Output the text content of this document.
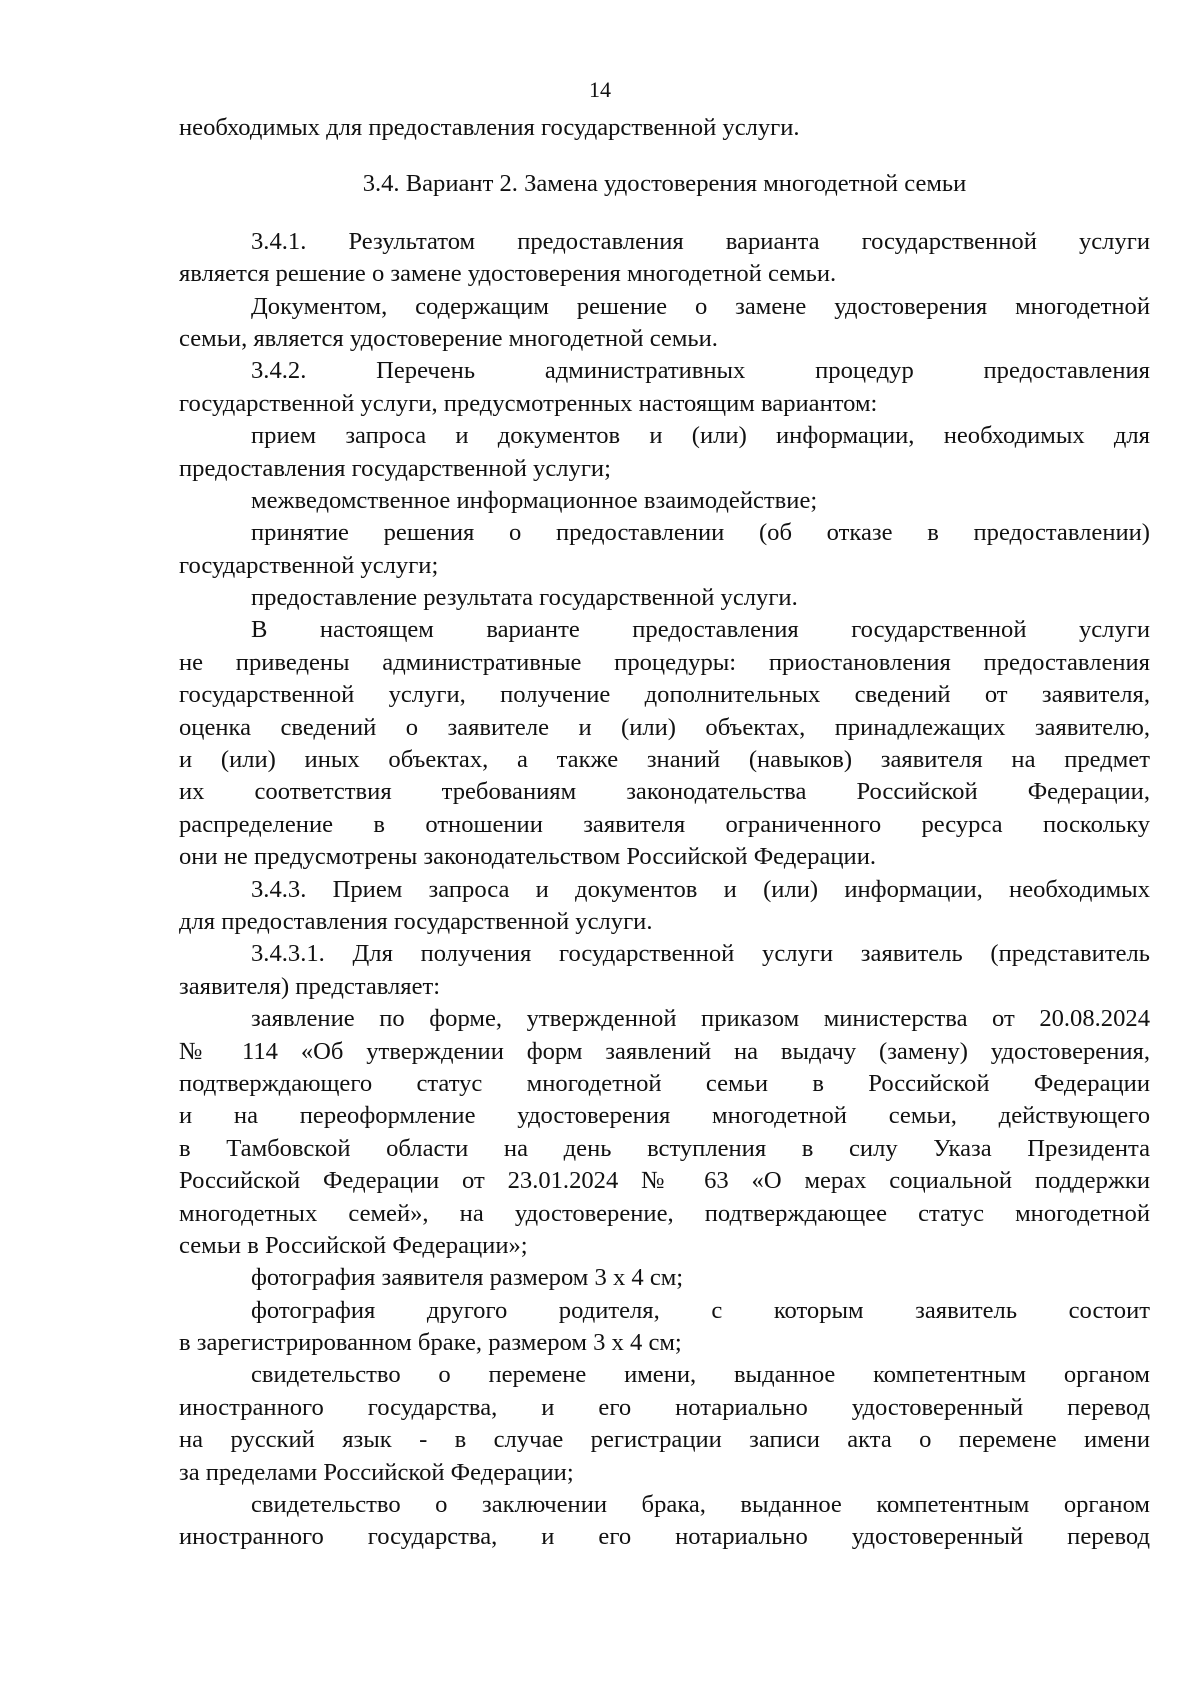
14
необходимых для предоставления государственной услуги.
3.4. Вариант 2. Замена удостоверения многодетной семьи
3.4.1. Результатом предоставления варианта государственной услуги
является решение о замене удостоверения многодетной семьи.
Документом, содержащим решение о замене удостоверения многодетной
семьи, является удостоверение многодетной семьи.
3.4.2. Перечень административных процедур предоставления
государственной услуги, предусмотренных настоящим вариантом:
прием запроса и документов и (или) информации, необходимых для
предоставления государственной услуги;
межведомственное информационное взаимодействие;
принятие решения о предоставлении (об отказе в предоставлении)
государственной услуги;
предоставление результата государственной услуги.
В настоящем варианте предоставления государственной услуги
не приведены административные процедуры: приостановления предоставления
государственной услуги, получение дополнительных сведений от заявителя,
оценка сведений о заявителе и (или) объектах, принадлежащих заявителю,
и (или) иных объектах, а также знаний (навыков) заявителя на предмет
их соответствия требованиям законодательства Российской Федерации,
распределение в отношении заявителя ограниченного ресурса поскольку
они не предусмотрены законодательством Российской Федерации.
3.4.3. Прием запроса и документов и (или) информации, необходимых
для предоставления государственной услуги.
3.4.3.1. Для получения государственной услуги заявитель (представитель
заявителя) представляет:
заявление по форме, утвержденной приказом министерства от 20.08.2024
№ 114 «Об утверждении форм заявлений на выдачу (замену) удостоверения,
подтверждающего статус многодетной семьи в Российской Федерации
и на переоформление удостоверения многодетной семьи, действующего
в Тамбовской области на день вступления в силу Указа Президента
Российской Федерации от 23.01.2024 № 63 «О мерах социальной поддержки
многодетных семей», на удостоверение, подтверждающее статус многодетной
семьи в Российской Федерации»;
фотография заявителя размером 3 х 4 см;
фотография другого родителя, с которым заявитель состоит
в зарегистрированном браке, размером 3 х 4 см;
свидетельство о перемене имени, выданное компетентным органом
иностранного государства, и его нотариально удостоверенный перевод
на русский язык - в случае регистрации записи акта о перемене имени
за пределами Российской Федерации;
свидетельство о заключении брака, выданное компетентным органом
иностранного государства, и его нотариально удостоверенный перевод
